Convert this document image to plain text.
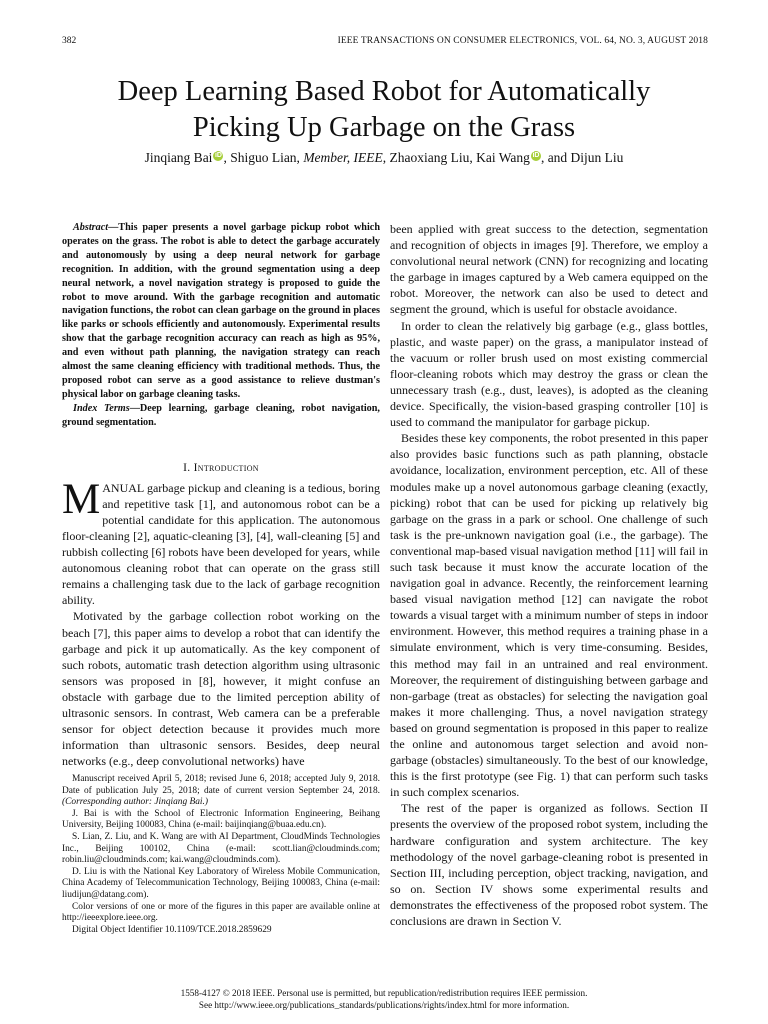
382	IEEE TRANSACTIONS ON CONSUMER ELECTRONICS, VOL. 64, NO. 3, AUGUST 2018
Deep Learning Based Robot for Automatically
Picking Up Garbage on the Grass
Jinqiang Bai iD , Shiguo Lian, Member, IEEE, Zhaoxiang Liu, Kai Wang iD , and Dijun Liu

Abstract—This paper presents a novel garbage pickup robot which operates on the grass. The robot is able to detect the garbage accurately and autonomously by using a deep neural network for garbage recognition. In addition, with the ground segmentation using a deep neural network, a novel navigation strategy is proposed to guide the robot to move around. With the garbage recognition and automatic navigation functions, the robot can clean garbage on the ground in places like parks or schools efficiently and autonomously. Experimental results show that the garbage recognition accuracy can reach as high as 95%, and even without path planning, the navigation strategy can reach almost the same cleaning efficiency with traditional methods. Thus, the proposed robot can serve as a good assistance to relieve dustman's physical labor on garbage cleaning tasks.

Index Terms—Deep learning, garbage cleaning, robot navigation, ground segmentation.

I. Introduction

MANUAL garbage pickup and cleaning is a tedious, boring and repetitive task [1], and autonomous robot can be a potential candidate for this application. The autonomous floor-cleaning [2], aquatic-cleaning [3], [4], wall-cleaning [5] and rubbish collecting [6] robots have been developed for years, while autonomous cleaning robot that can operate on the grass still remains a challenging task due to the lack of garbage recognition ability.

Motivated by the garbage collection robot working on the beach [7], this paper aims to develop a robot that can identify the garbage and pick it up automatically. As the key component of such robots, automatic trash detection algorithm using ultrasonic sensors was proposed in [8], however, it might confuse an obstacle with garbage due to the limited perception ability of ultrasonic sensors. In contrast, Web camera can be a preferable sensor for object detection because it provides much more information than ultrasonic sensors. Besides, deep neural networks (e.g., deep convolutional networks) have

Manuscript received April 5, 2018; revised June 6, 2018; accepted July 9, 2018. Date of publication July 25, 2018; date of current version September 24, 2018. (Corresponding author: Jinqiang Bai.)

J. Bai is with the School of Electronic Information Engineering, Beihang University, Beijing 100083, China (e-mail: baijinqiang@buaa.edu.cn).

S. Lian, Z. Liu, and K. Wang are with AI Department, CloudMinds Technologies Inc., Beijing 100102, China (e-mail: scott.lian@cloudminds.com; robin.liu@cloudminds.com; kai.wang@cloudminds.com).

D. Liu is with the National Key Laboratory of Wireless Mobile Communication, China Academy of Telecommunication Technology, Beijing 100083, China (e-mail: liudijun@datang.com).

Color versions of one or more of the figures in this paper are available online at http://ieeexplore.ieee.org.

Digital Object Identifier 10.1109/TCE.2018.2859629

been applied with great success to the detection, segmentation and recognition of objects in images [9]. Therefore, we employ a convolutional neural network (CNN) for recognizing and locating the garbage in images captured by a Web camera equipped on the robot. Moreover, the network can also be used to detect and segment the ground, which is useful for obstacle avoidance.

In order to clean the relatively big garbage (e.g., glass bottles, plastic, and waste paper) on the grass, a manipulator instead of the vacuum or roller brush used on most existing commercial floor-cleaning robots which may destroy the grass or clean the unnecessary trash (e.g., dust, leaves), is adopted as the cleaning device. Specifically, the vision-based grasping controller [10] is used to command the manipulator for garbage pickup.

Besides these key components, the robot presented in this paper also provides basic functions such as path planning, obstacle avoidance, localization, environment perception, etc. All of these modules make up a novel autonomous garbage cleaning (exactly, picking) robot that can be used for picking up relatively big garbage on the grass in a park or school. One challenge of such task is the pre-unknown navigation goal (i.e., the garbage). The conventional map-based visual navigation method [11] will fail in such task because it must know the accurate location of the navigation goal in advance. Recently, the reinforcement learning based visual navigation method [12] can navigate the robot towards a visual target with a minimum number of steps in indoor environment. However, this method requires a training phase in a simulate environment, which is very time-consuming. Besides, this method may fail in an untrained and real environment. Moreover, the requirement of distinguishing between garbage and non-garbage (treat as obstacles) for selecting the navigation goal makes it more challenging. Thus, a novel navigation strategy based on ground segmentation is proposed in this paper to realize the online and autonomous target selection and avoid non-garbage (obstacles) simultaneously. To the best of our knowledge, this is the first prototype (see Fig. 1) that can perform such tasks in such complex scenarios.

The rest of the paper is organized as follows. Section II presents the overview of the proposed robot system, including the hardware configuration and system architecture. The key methodology of the novel garbage-cleaning robot is presented in Section III, including perception, object tracking, navigation, and so on. Section IV shows some experimental results and demonstrates the effectiveness of the proposed robot system. The conclusions are drawn in Section V.

1558-4127 © 2018 IEEE. Personal use is permitted, but republication/redistribution requires IEEE permission.
See http://www.ieee.org/publications_standards/publications/rights/index.html for more information.
